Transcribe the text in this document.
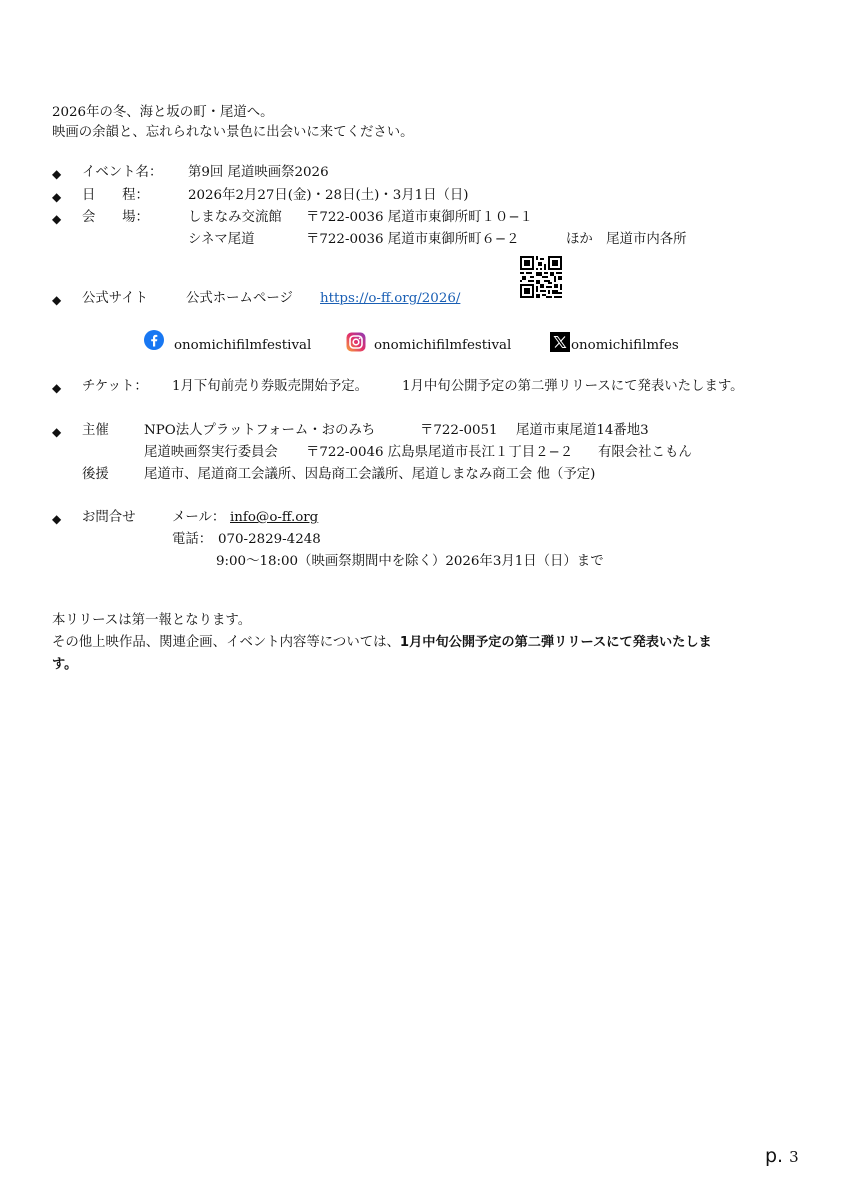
2026年の冬、海と坂の町・尾道へ。
映画の余韻と、忘れられない景色に出会いに来てください。
◆ イベント名： 第9回 尾道映画祭2026
◆ 日　　程：	2026年2月27日(金)・28日(土)・3月1日（日)
◆ 会　　場：	しまなみ交流館 〒722-0036 尾道市東御所町１０−１
シネマ尾道	〒722-0036 尾道市東御所町６−２	ほか　尾道市内各所
◆ 公式サイト	公式ホームページ https://o-ff.org/2026/
onomichifilmfestival	onomichifilmfestival	onomichifilmfes
◆ チケット： 1月下旬前売り券販売開始予定。	1月中旬公開予定の第二弾リリースにて発表いたします。
◆ 主催	NPO法人プラットフォーム・おのみち	〒722-0051 尾道市東尾道14番地3
尾道映画祭実行委員会 〒722-0046 広島県尾道市長江１丁目２−２ 有限会社こもん
後援	尾道市、尾道商工会議所、因島商工会議所、尾道しまなみ商工会 他（予定)
◆ お問合せ	メール： info@o-ff.org
電話： 070-2829-4248
9:00〜18:00（映画祭期間中を除く）2026年3月1日（日）まで
本リリースは第一報となります。
その他上映作品、関連企画、イベント内容等については、1月中旬公開予定の第二弾リリースにて発表いたしま
す。
p. 3
